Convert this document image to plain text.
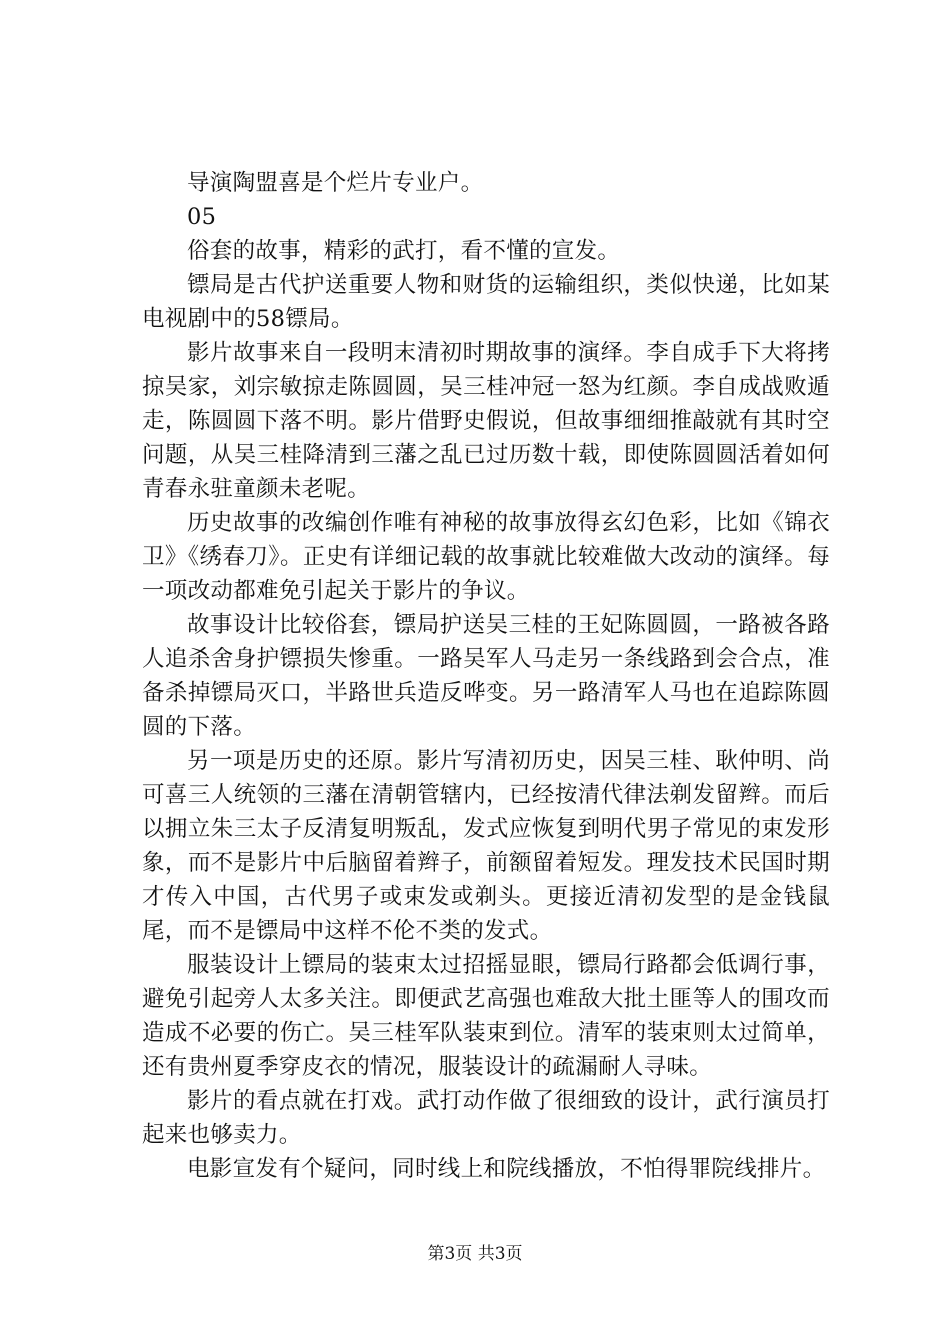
导演陶盟喜是个烂片专业户。

05

俗套的故事，精彩的武打，看不懂的宣发。

镖局是古代护送重要人物和财货的运输组织，类似快递，比如某电视剧中的58镖局。

影片故事来自一段明末清初时期故事的演绎。李自成手下大将拷掠吴家，刘宗敏掠走陈圆圆，吴三桂冲冠一怒为红颜。李自成战败遁走，陈圆圆下落不明。影片借野史假说，但故事细细推敲就有其时空问题，从吴三桂降清到三藩之乱已过历数十载，即使陈圆圆活着如何青春永驻童颜未老呢。

历史故事的改编创作唯有神秘的故事放得玄幻色彩，比如《锦衣卫》《绣春刀》。正史有详细记载的故事就比较难做大改动的演绎。每一项改动都难免引起关于影片的争议。

故事设计比较俗套，镖局护送吴三桂的王妃陈圆圆，一路被各路人追杀舍身护镖损失惨重。一路吴军人马走另一条线路到会合点，准备杀掉镖局灭口，半路世兵造反哗变。另一路清军人马也在追踪陈圆圆的下落。

另一项是历史的还原。影片写清初历史，因吴三桂、耿仲明、尚可喜三人统领的三藩在清朝管辖内，已经按清代律法剃发留辫。而后以拥立朱三太子反清复明叛乱，发式应恢复到明代男子常见的束发形象，而不是影片中后脑留着辫子，前额留着短发。理发技术民国时期才传入中国，古代男子或束发或剃头。更接近清初发型的是金钱鼠尾，而不是镖局中这样不伦不类的发式。

服装设计上镖局的装束太过招摇显眼，镖局行路都会低调行事，避免引起旁人太多关注。即便武艺高强也难敌大批土匪等人的围攻而造成不必要的伤亡。吴三桂军队装束到位。清军的装束则太过简单，还有贵州夏季穿皮衣的情况，服装设计的疏漏耐人寻味。

影片的看点就在打戏。武打动作做了很细致的设计，武行演员打起来也够卖力。

电影宣发有个疑问，同时线上和院线播放，不怕得罪院线排片。

第3页 共3页
